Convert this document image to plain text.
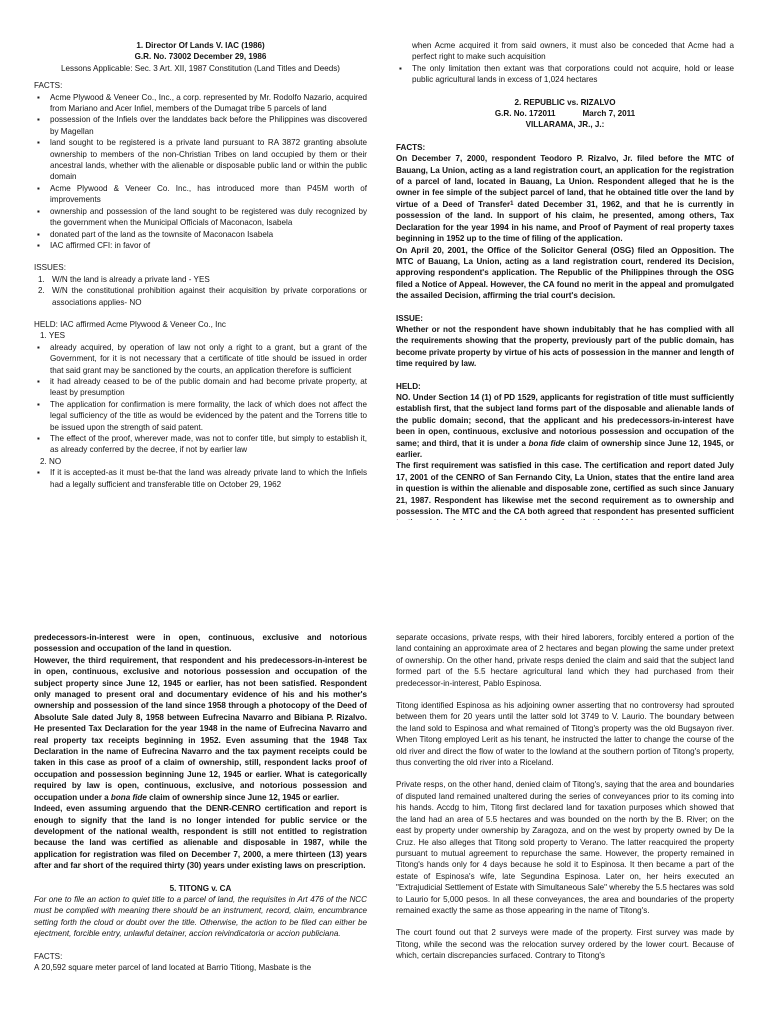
1. Director Of Lands V. IAC (1986)

G.R. No. 73002 December 29, 1986

Lessons Applicable: Sec. 3 Art. XII, 1987 Constitution (Land Titles and Deeds)

FACTS:

▪ Acme Plywood & Veneer Co., Inc., a corp. represented by Mr. Rodolfo Nazario, acquired from Mariano and Acer Infiel, members of the Dumagat tribe 5 parcels of land
▪ possession of the Infiels over the landdates back before the Philippines was discovered by Magellan
▪ land sought to be registered is a private land pursuant to RA 3872 granting absolute ownership to members of the non-Christian Tribes on land occupied by them or their ancestral lands, whether with the alienable or disposable public land or within the public domain
▪ Acme Plywood & Veneer Co. Inc., has introduced more than P45M worth of improvements
▪ ownership and possession of the land sought to be registered was duly recognized by the government when the Municipal Officials of Maconacon, Isabela
▪ donated part of the land as the townsite of Maconacon Isabela
▪ IAC affirmed CFI: in favor of

ISSUES:

1. W/N the land is already a private land - YES
2. W/N the constitutional prohibition against their acquisition by private corporations or associations applies- NO

HELD: IAC affirmed Acme Plywood & Veneer Co., Inc

1. YES

▪ already acquired, by operation of law not only a right to a grant, but a grant of the Government, for it is not necessary that a certificate of title should be issued in order that said grant may be sanctioned by the courts, an application therefore is sufficient
▪ it had already ceased to be of the public domain and had become private property, at least by presumption
▪ The application for confirmation is mere formality, the lack of which does not affect the legal sufficiency of the title as would be evidenced by the patent and the Torrens title to be issued upon the strength of said patent.
▪ The effect of the proof, wherever made, was not to confer title, but simply to establish it, as already conferred by the decree, if not by earlier law

2. NO

▪ If it is accepted-as it must be-that the land was already private land to which the Infiels had a legally sufficient and transferable title on October 29, 1962

when Acme acquired it from said owners, it must also be conceded that Acme had a perfect right to make such acquisition

▪ The only limitation then extant was that corporations could not acquire, hold or lease public agricultural lands in excess of 1,024 hectares

2. REPUBLIC vs. RIZALVO

G.R. No. 172011            March 7, 2011

VILLARAMA, JR., J.:

FACTS:

On December 7, 2000, respondent Teodoro P. Rizalvo, Jr. filed before the MTC of Bauang, La Union, acting as a land registration court, an application for the registration of a parcel of land, located in Bauang, La Union. Respondent alleged that he is the owner in fee simple of the subject parcel of land, that he obtained title over the land by virtue of a Deed of Transfer$^1$ dated December 31, 1962, and that he is currently in possession of the land. In support of his claim, he presented, among others, Tax Declaration for the year 1994 in his name, and Proof of Payment of real property taxes beginning in 1952 up to the time of filing of the application.

On April 20, 2001, the Office of the Solicitor General (OSG) filed an Opposition. The MTC of Bauang, La Union, acting as a land registration court, rendered its Decision, approving respondent's application. The Republic of the Philippines through the OSG filed a Notice of Appeal. However, the CA found no merit in the appeal and promulgated the assailed Decision, affirming the trial court's decision.

ISSUE:

Whether or not the respondent have shown indubitably that he has complied with all the requirements showing that the property, previously part of the public domain, has become private property by virtue of his acts of possession in the manner and length of time required by law.

HELD:

NO. Under Section 14 (1) of PD 1529, applicants for registration of title must sufficiently establish first, that the subject land forms part of the disposable and alienable lands of the public domain; second, that the applicant and his predecessors-in-interest have been in open, continuous, exclusive and notorious possession and occupation of the same; and third, that it is under a bona fide claim of ownership since June 12, 1945, or earlier.

The first requirement was satisfied in this case. The certification and report dated July 17, 2001 of the CENRO of San Fernando City, La Union, states that the entire land area in question is within the alienable and disposable zone, certified as such since January 21, 1987. Respondent has likewise met the second requirement as to ownership and possession. The MTC and the CA both agreed that respondent has presented sufficient

predecessors-in-interest were in open, continuous, exclusive and notorious possession and occupation of the land in question.

However, the third requirement, that respondent and his predecessors-in-interest be in open, continuous, exclusive and notorious possession and occupation of the subject property since June 12, 1945 or earlier, has not been satisfied. Respondent only managed to present oral and documentary evidence of his and his mother's ownership and possession of the land since 1958 through a photocopy of the Deed of Absolute Sale dated July 8, 1958 between Eufrecina Navarro and Bibiana P. Rizalvo. He presented Tax Declaration for the year 1948 in the name of Eufrecina Navarro and real property tax receipts beginning in 1952. Even assuming that the 1948 Tax Declaration in the name of Eufrecina Navarro and the tax payment receipts could be taken in this case as proof of a claim of ownership, still, respondent lacks proof of occupation and possession beginning June 12, 1945 or earlier. What is categorically required by law is open, continuous, exclusive, and notorious possession and occupation under a bona fide claim of ownership since June 12, 1945 or earlier.

Indeed, even assuming arguendo that the DENR-CENRO certification and report is enough to signify that the land is no longer intended for public service or the development of the national wealth, respondent is still not entitled to registration because the land was certified as alienable and disposable in 1987, while the application for registration was filed on December 7, 2000, a mere thirteen (13) years after and far short of the required thirty (30) years under existing laws on prescription.

5. TITONG v. CA

For one to file an action to quiet title to a parcel of land, the requisites in Art 476 of the NCC must be complied with meaning there should be an instrument, record, claim, encumbrance setting forth the cloud or doubt over the title. Otherwise, the action to be filed can either be ejectment, forcible entry, unlawful detainer, accion reivindicatoria or accion publiciana.

FACTS:

A 20,592 square meter parcel of land located at Barrio Titiong, Masbate is the

separate occasions, private resps, with their hired laborers, forcibly entered a portion of the land containing an approximate area of 2 hectares and began plowing the same under pretext of ownership. On the other hand, private resps denied the claim and said that the subject land formed part of the 5.5 hectare agricultural land which they had purchased from their predecessor-in-interest, Pablo Espinosa.

Titong identified Espinosa as his adjoining owner asserting that no controversy had sprouted between them for 20 years until the latter sold lot 3749 to V. Laurio. The boundary between the land sold to Espinosa and what remained of Titong's property was the old Bugsayon river. When Titong employed Lerit as his tenant, he instructed the latter to change the course of the old river and direct the flow of water to the lowland at the southern portion of Titong's property, thus converting the old river into a Riceland.

Private resps, on the other hand, denied claim of Titong's, saying that the area and boundaries of disputed land remained unaltered during the series of conveyances prior to its coming into his hands. Accdg to him, Titong first declared land for taxation purposes which showed that the land had an area of 5.5 hectares and was bounded on the north by the B. River; on the east by property under ownership by Zaragoza, and on the west by property owned by De la Cruz. He also alleges that Titong sold property to Verano. The latter reacquired the property pursuant to mutual agreement to repurchase the same. However, the property remained in Titong's hands only for 4 days because he sold it to Espinosa. It then became a part of the estate of Espinosa's wife, late Segundina Espinosa. Later on, her heirs executed an "Extrajudicial Settlement of Estate with Simultaneous Sale" whereby the 5.5 hectares was sold to Laurio for 5,000 pesos. In all these conveyances, the area and boundaries of the property remained exactly the same as those appearing in the name of Titong's.

The court found out that 2 surveys were made of the property. First survey was made by Titong, while the second was the relocation survey ordered by the lower court. Because of which, certain discrepancies surfaced. Contrary to Titong's
